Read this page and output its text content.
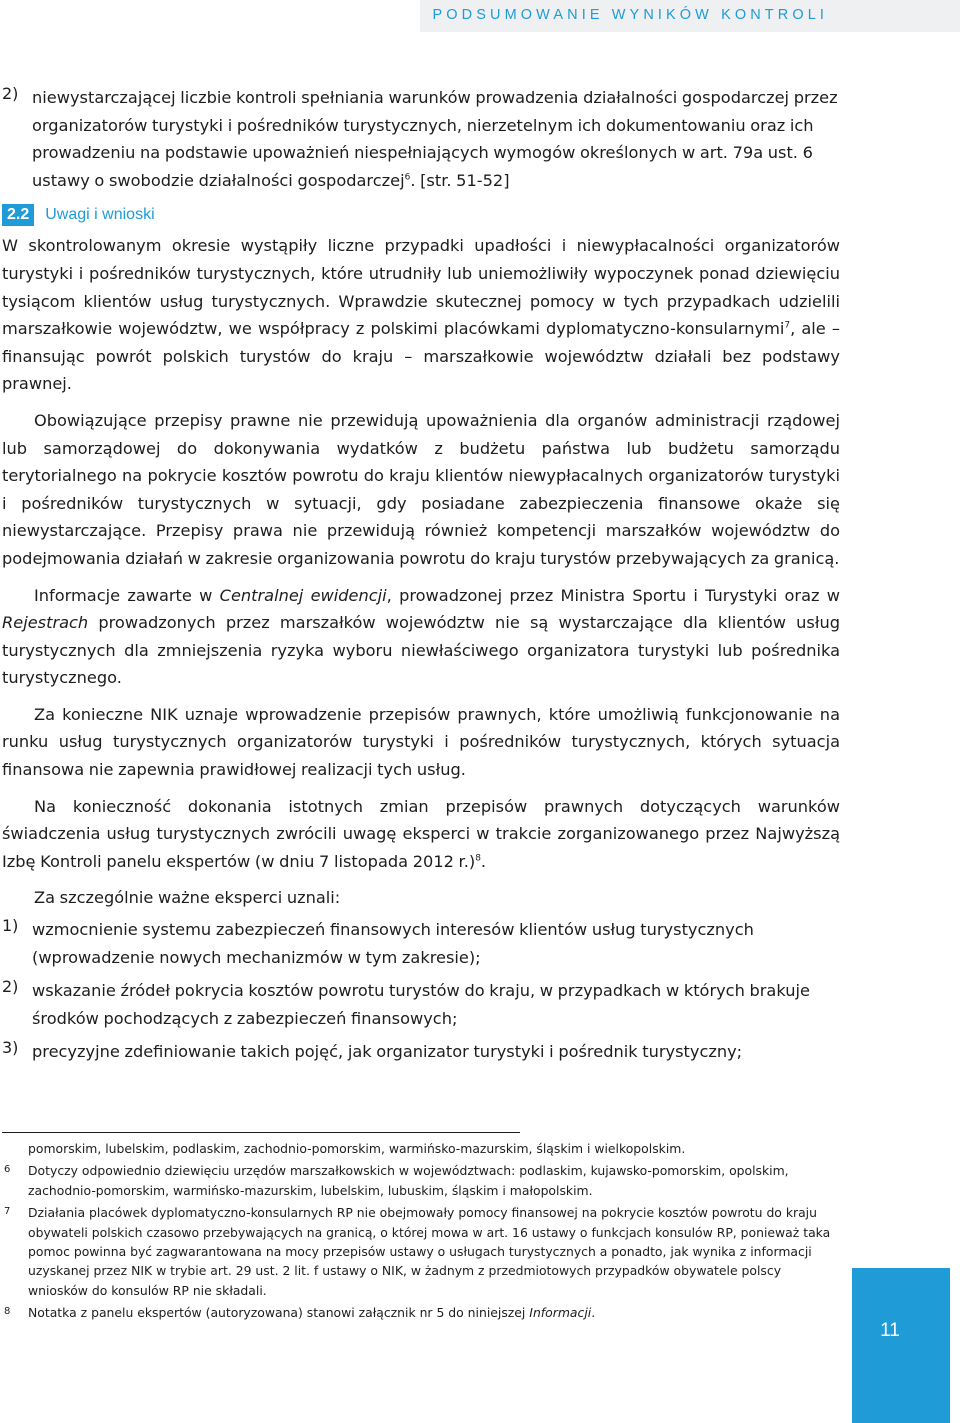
PODSUMOWANIE WYNIKÓW KONTROLI
2) niewystarczającej liczbie kontroli spełniania warunków prowadzenia działalności gospodarczej przez organizatorów turystyki i pośredników turystycznych, nierzetelnym ich dokumentowaniu oraz ich prowadzeniu na podstawie upoważnień niespełniających wymogów określonych w art. 79a ust. 6 ustawy o swobodzie działalności gospodarczej$^6$. [str. 51-52]

2.2	Uwagi i wnioski

W skontrolowanym okresie wystąpiły liczne przypadki upadłości i niewypłacalności organizatorów turystyki i pośredników turystycznych, które utrudniły lub uniemożliwiły wypoczynek ponad dziewięciu tysiącom klientów usług turystycznych. Wprawdzie skutecznej pomocy w tych przypadkach udzielili marszałkowie województw, we współpracy z polskimi placówkami dyplomatyczno-konsularnymi$^7$, ale – finansując powrót polskich turystów do kraju – marszałkowie województw działali bez podstawy prawnej.

Obowiązujące przepisy prawne nie przewidują upoważnienia dla organów administracji rządowej lub samorządowej do dokonywania wydatków z budżetu państwa lub budżetu samorządu terytorialnego na pokrycie kosztów powrotu do kraju klientów niewypłacalnych organizatorów turystyki i pośredników turystycznych w sytuacji, gdy posiadane zabezpieczenia finansowe okaże się niewystarczające. Przepisy prawa nie przewidują również kompetencji marszałków województw do podejmowania działań w zakresie organizowania powrotu do kraju turystów przebywających za granicą.

Informacje zawarte w Centralnej ewidencji, prowadzonej przez Ministra Sportu i Turystyki oraz w Rejestrach prowadzonych przez marszałków województw nie są wystarczające dla klientów usług turystycznych dla zmniejszenia ryzyka wyboru niewłaściwego organizatora turystyki lub pośrednika turystycznego.

Za konieczne NIK uznaje wprowadzenie przepisów prawnych, które umożliwią funkcjonowanie na runku usług turystycznych organizatorów turystyki i pośredników turystycznych, których sytuacja finansowa nie zapewnia prawidłowej realizacji tych usług.

Na konieczność dokonania istotnych zmian przepisów prawnych dotyczących warunków świadczenia usług turystycznych zwrócili uwagę eksperci w trakcie zorganizowanego przez Najwyższą Izbę Kontroli panelu ekspertów (w dniu 7 listopada 2012 r.)$^8$.

Za szczególnie ważne eksperci uznali:

1) wzmocnienie systemu zabezpieczeń finansowych interesów klientów usług turystycznych (wprowadzenie nowych mechanizmów w tym zakresie);

2) wskazanie źródeł pokrycia kosztów powrotu turystów do kraju, w przypadkach w których brakuje środków pochodzących z zabezpieczeń finansowych;

3) precyzyjne zdefiniowanie takich pojęć, jak organizator turystyki i pośrednik turystyczny;

pomorskim, lubelskim, podlaskim, zachodnio-pomorskim, warmińsko-mazurskim, śląskim i wielkopolskim.
6 Dotyczy odpowiednio dziewięciu urzędów marszałkowskich w województwach: podlaskim, kujawsko-pomorskim, opolskim, zachodnio-pomorskim, warmińsko-mazurskim, lubelskim, lubuskim, śląskim i małopolskim.
7 Działania placówek dyplomatyczno-konsularnych RP nie obejmowały pomocy finansowej na pokrycie kosztów powrotu do kraju obywateli polskich czasowo przebywających na granicą, o której mowa w art. 16 ustawy o funkcjach konsulów RP, ponieważ taka pomoc powinna być zagwarantowana na mocy przepisów ustawy o usługach turystycznych a ponadto, jak wynika z informacji uzyskanej przez NIK w trybie art. 29 ust. 2 lit. f ustawy o NIK, w żadnym z przedmiotowych przypadków obywatele polscy wniosków do konsulów RP nie składali.
8 Notatka z panelu ekspertów (autoryzowana) stanowi załącznik nr 5 do niniejszej Informacji.
11
